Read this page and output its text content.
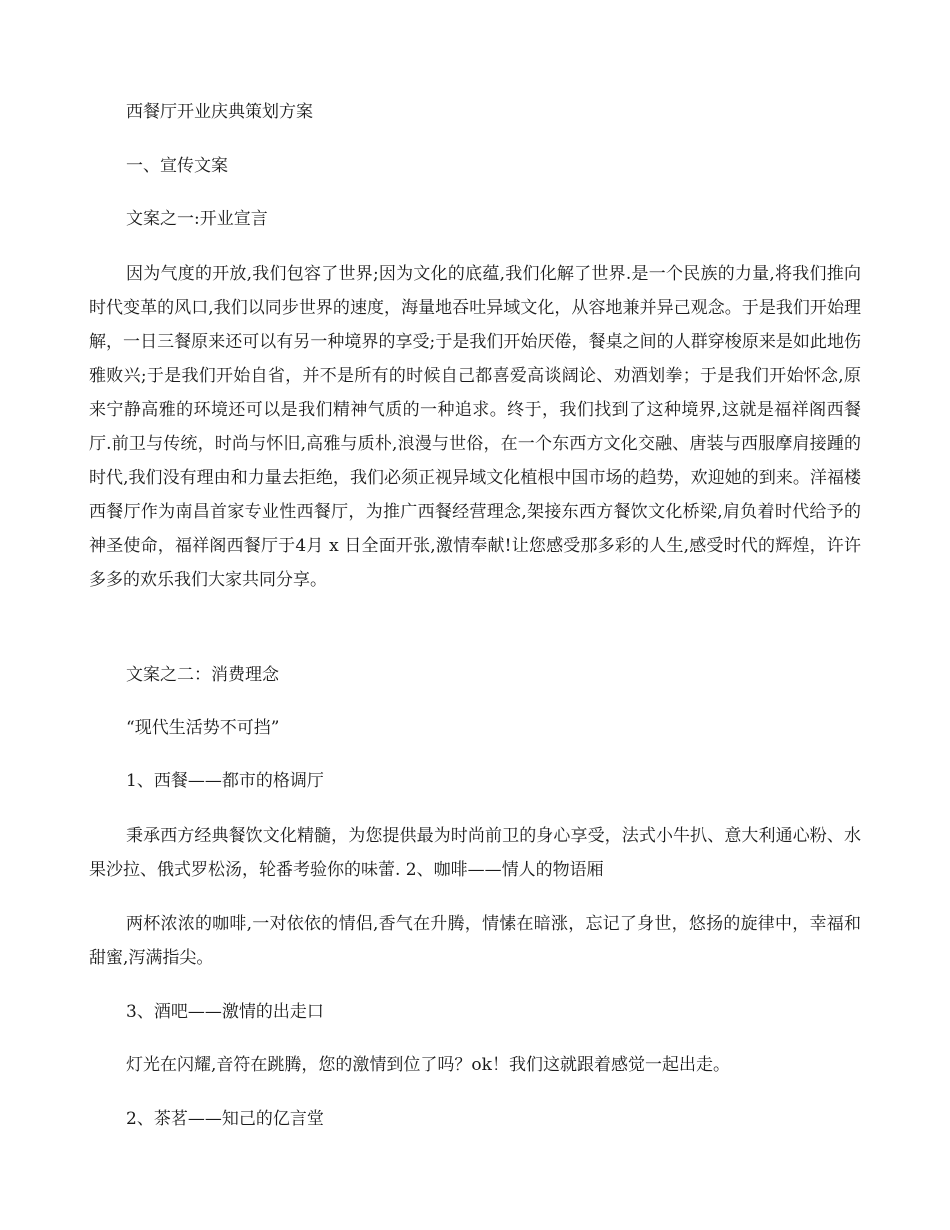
西餐厅开业庆典策划方案
一、宣传文案
文案之一:开业宣言
因为气度的开放,我们包容了世界;因为文化的底蕴,我们化解了世界.是一个民族的力量,将我们推向时代变革的风口,我们以同步世界的速度，海量地吞吐异域文化，从容地兼并异己观念。于是我们开始理解，一日三餐原来还可以有另一种境界的享受;于是我们开始厌倦，餐桌之间的人群穿梭原来是如此地伤雅败兴;于是我们开始自省，并不是所有的时候自己都喜爱高谈阔论、劝酒划拳；于是我们开始怀念,原来宁静高雅的环境还可以是我们精神气质的一种追求。终于，我们找到了这种境界,这就是福祥阁西餐厅.前卫与传统，时尚与怀旧,高雅与质朴,浪漫与世俗，在一个东西方文化交融、唐装与西服摩肩接踵的时代,我们没有理由和力量去拒绝，我们必须正视异域文化植根中国市场的趋势，欢迎她的到来。洋福楼西餐厅作为南昌首家专业性西餐厅，为推广西餐经营理念,架接东西方餐饮文化桥梁,肩负着时代给予的神圣使命，福祥阁西餐厅于4月 x 日全面开张,激情奉献!让您感受那多彩的人生,感受时代的辉煌，许许多多的欢乐我们大家共同分享。
文案之二：消费理念
“现代生活势不可挡”
1、西餐——都市的格调厅
秉承西方经典餐饮文化精髓，为您提供最为时尚前卫的身心享受，法式小牛扒、意大利通心粉、水果沙拉、俄式罗松汤，轮番考验你的味蕾. 2、咖啡——情人的物语厢
两杯浓浓的咖啡,一对依依的情侣,香气在升腾，情愫在暗涨，忘记了身世，悠扬的旋律中，幸福和甜蜜,泻满指尖。
3、酒吧——激情的出走口
灯光在闪耀,音符在跳腾，您的激情到位了吗？ok！我们这就跟着感觉一起出走。
2、茶茗——知己的亿言堂
